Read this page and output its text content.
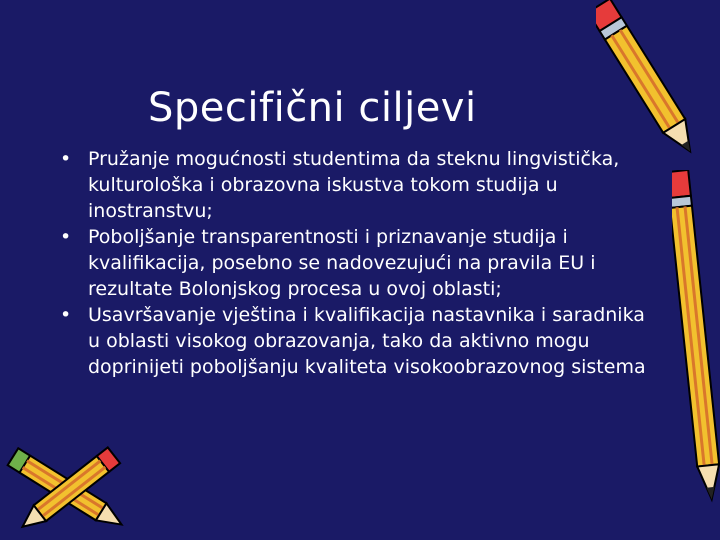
Specifični ciljevi
• Pružanje mogućnosti studentima da steknu lingvistička, kulturološka i obrazovna iskustva tokom studija u inostranstvu;
• Poboljšanje transparentnosti i priznavanje studija i kvalifikacija, posebno se nadovezujući na pravila EU i rezultate Bolonjskog procesa u ovoj oblasti;
• Usavršavanje vještina i kvalifikacija nastavnika i saradnika u oblasti visokog obrazovanja, tako da aktivno mogu doprinijeti poboljšanju kvaliteta visokoobrazovnog sistema
